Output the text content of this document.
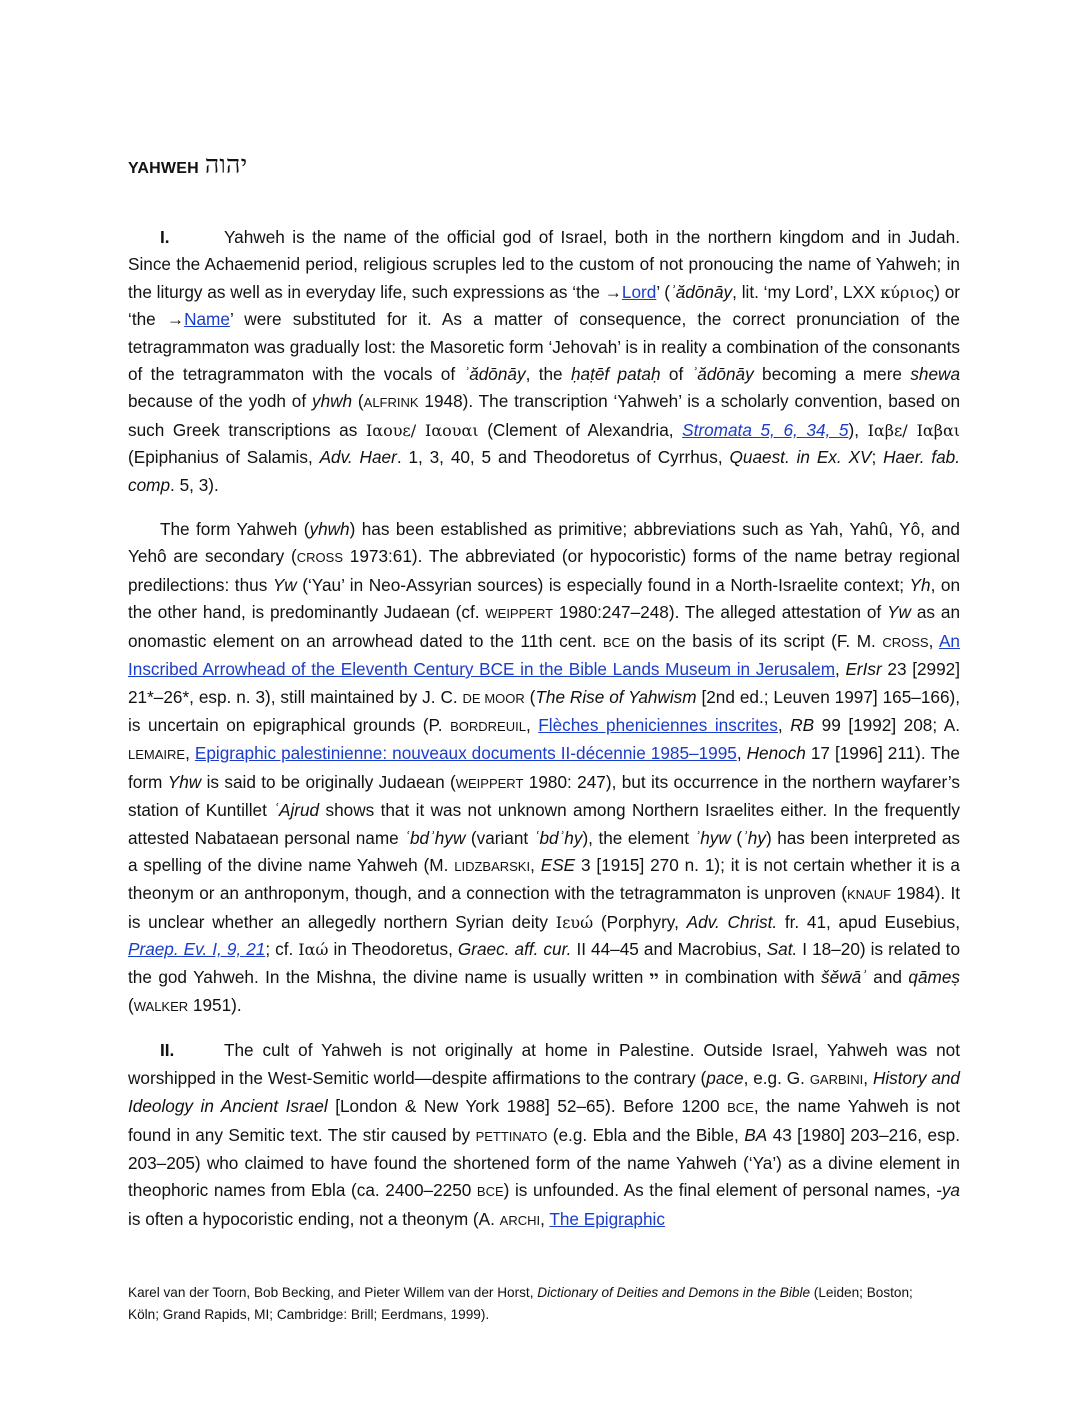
YAHWEH יהוה

I.	Yahweh is the name of the official god of Israel, both in the northern kingdom and in Judah. Since the Achaemenid period, religious scruples led to the custom of not pronoucing the name of Yahweh; in the liturgy as well as in everyday life, such expressions as ‘the →Lord’ (ʾădōnāy, lit. ‘my Lord’, LXX κύριος) or ‘the →Name’ were substituted for it. As a matter of consequence, the correct pronunciation of the tetragrammaton was gradually lost: the Masoretic form ‘Jehovah’ is in reality a combination of the consonants of the tetragrammaton with the vocals of ʾădōnāy, the ḥaṭēf pataḥ of ʾădōnāy becoming a mere shewa because of the yodh of yhwh (ALFRINK 1948). The transcription ‘Yahweh’ is a scholarly convention, based on such Greek transcriptions as Ιαουε/ Ιαουαι (Clement of Alexandria, Stromata 5, 6, 34, 5), Ιαβε/ Ιαβαι (Epiphanius of Salamis, Adv. Haer. 1, 3, 40, 5 and Theodoretus of Cyrrhus, Quaest. in Ex. XV; Haer. fab. comp. 5, 3).

The form Yahweh (yhwh) has been established as primitive; abbreviations such as Yah, Yahû, Yô, and Yehô are secondary (CROSS 1973:61). The abbreviated (or hypocoristic) forms of the name betray regional predilections: thus Yw (‘Yau’ in Neo-Assyrian sources) is especially found in a North-Israelite context; Yh, on the other hand, is predominantly Judaean (cf. WEIPPERT 1980:247–248). The alleged attestation of Yw as an onomastic element on an arrowhead dated to the 11th cent. BCE on the basis of its script (F. M. CROSS, An Inscribed Arrowhead of the Eleventh Century BCE in the Bible Lands Museum in Jerusalem, ErIsr 23 [2992] 21*–26*, esp. n. 3), still maintained by J. C. DE MOOR (The Rise of Yahwism [2nd ed.; Leuven 1997] 165–166), is uncertain on epigraphical grounds (P. BORDREUIL, Flèches pheniciennes inscrites, RB 99 [1992] 208; A. LEMAIRE, Epigraphic palestinienne: nouveaux documents II-décennie 1985–1995, Henoch 17 [1996] 211). The form Yhw is said to be originally Judaean (WEIPPERT 1980: 247), but its occurrence in the northern wayfarer’s station of Kuntillet ʿAjrud shows that it was not unknown among Northern Israelites either. In the frequently attested Nabataean personal name ʿbdʾhyw (variant ʿbdʾhy), the element ʾhyw (ʾhy) has been interpreted as a spelling of the divine name Yahweh (M. LIDZBARSKI, ESE 3 [1915] 270 n. 1); it is not certain whether it is a theonym or an anthroponym, though, and a connection with the tetragrammaton is unproven (KNAUF 1984). It is unclear whether an allegedly northern Syrian deity Ιευώ (Porphyry, Adv. Christ. fr. 41, apud Eusebius, Praep. Ev. I, 9, 21; cf. Ιαώ in Theodoretus, Graec. aff. cur. II 44–45 and Macrobius, Sat. I 18–20) is related to the god Yahweh. In the Mishna, the divine name is usually written יי in combination with šĕwāʾ and qāmeṣ (WALKER 1951).

II.	The cult of Yahweh is not originally at home in Palestine. Outside Israel, Yahweh was not worshipped in the West-Semitic world—despite affirmations to the contrary (pace, e.g. G. GARBINI, History and Ideology in Ancient Israel [London & New York 1988] 52–65). Before 1200 BCE, the name Yahweh is not found in any Semitic text. The stir caused by PETTINATO (e.g. Ebla and the Bible, BA 43 [1980] 203–216, esp. 203–205) who claimed to have found the shortened form of the name Yahweh (‘Ya’) as a divine element in theophoric names from Ebla (ca. 2400–2250 BCE) is unfounded. As the final element of personal names, -ya is often a hypocoristic ending, not a theonym (A. ARCHI, The Epigraphic

Karel van der Toorn, Bob Becking, and Pieter Willem van der Horst, Dictionary of Deities and Demons in the Bible (Leiden; Boston; Köln; Grand Rapids, MI; Cambridge: Brill; Eerdmans, 1999).
